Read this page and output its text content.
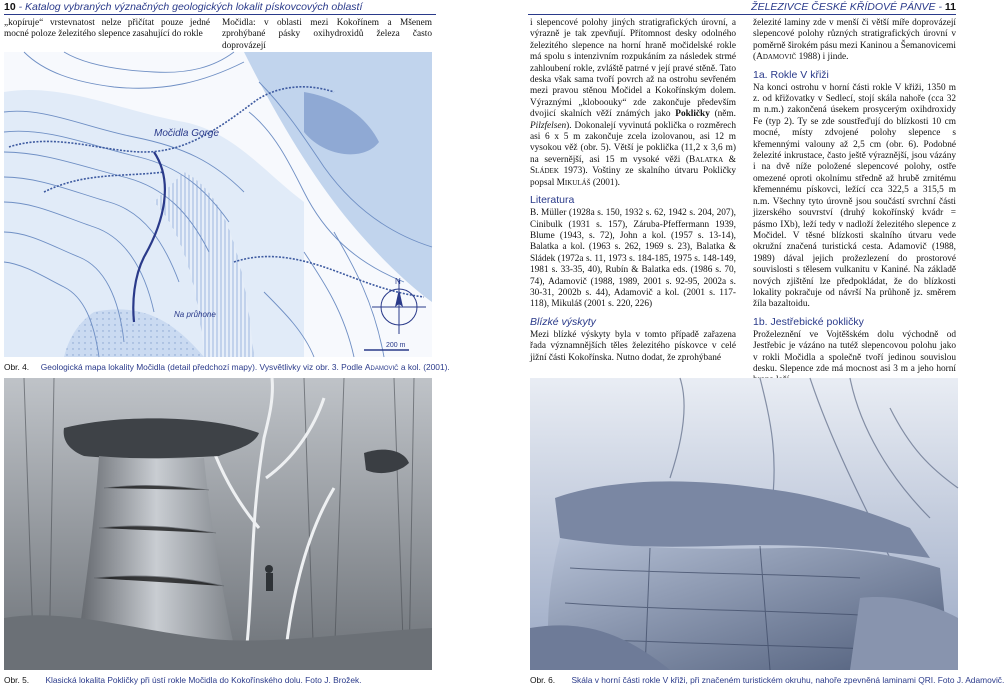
10 - Katalog vybraných význačných geologických lokalit pískovcových oblastí	ŽELEZIVCE ČESKÉ KŘÍDOVÉ PÁNVE - 11

„kopíruje“ vrstevnatost nelze přičítat pouze jedné mocné poloze železitého slepence zasahující do rokle

Močidla: v oblasti mezi Kokořínem a Mšenem zprohýbané pásky oxihydroxidů železa často doprovázejí

Močidla Gorge
Na průhone
N
200 m
Obr. 4. Geologická mapa lokality Močidla (detail předchozí mapy). Vysvětlivky viz obr. 3. Podle Adamovič a kol. (2001).

i slepencové polohy jiných stratigrafických úrovní, a výrazně je tak zpevňují. Přítomnost desky odolného železitého slepence na horní hraně močidelské rokle má spolu s intenzivním rozpukáním za následek strmé zahloubení rokle, zvláště patrné v její pravé stěně. Tato deska však sama tvoří povrch až na ostrohu sevřeném mezi pravou stěnou Močidel a Kokořínským dolem. Výraznými „kloboouky“ zde zakončuje především dvojicí skalních věží známých jako Pokličky (něm. Pilzfelsen). Dokonalejí vyvinutá poklička o rozměrech asi 6 x 5 m zakončuje zcela izolovanou, asi 12 m vysokou věž (obr. 5). Větší je poklička (11,2 x 3,6 m) na severnější, asi 15 m vysoké věži (Balatka & Sládek 1973). Voštiny ze skalního útvaru Pokličky popsal Mikuláš (2001).

Literatura

B. Müller (1928a s. 150, 1932 s. 62, 1942 s. 204, 207), Cinibulk (1931 s. 157), Záruba-Pfeffermann 1939, Blume (1943, s. 72), John a kol. (1957 s. 13-14), Balatka a kol. (1963 s. 262, 1969 s. 23), Balatka & Sládek (1972a s. 11, 1973 s. 184-185, 1975 s. 148-149, 1981 s. 33-35, 40), Rubín & Balatka eds. (1986 s. 70, 74), Adamovič (1988, 1989, 2001 s. 92-95, 2002a s. 30-31, 2002b s. 44), Adamovič a kol. (2001 s. 117-118), Mikuláš (2001 s. 220, 226)

Blízké výskyty

Mezi blízké výskyty byla v tomto případě zařazena řada významnějších těles železitého pískovce v celé jižní části Kokořínska. Nutno dodat, že zprohýbané

železité laminy zde v menší či větší míře doprovázejí slepencové polohy různých stratigrafických úrovní v poměrně širokém pásu mezi Kaninou a Šemanovicemi (Adamovič 1988) i jinde.

1a. Rokle V křiži

Na konci ostrohu v horní části rokle V křiži, 1350 m z. od křižovatky v Sedlecí, stojí skála nahoře (cca 32 m n.m.) zakončená úsekem prosycerým oxihdroxidy Fe (typ 2). Ty se zde soustřeďují do blízkosti 10 cm mocné, místy zdvojené polohy slepence s křemennými valouny až 2,5 cm (obr. 6). Podobné železité inkrustace, často ještě výraznější, jsou vázány i na dvě níže položené slepencové polohy, ostře omezené oproti okolnímu středně až hrubě zrnitému křemennému pískovci, ležící cca 322,5 a 315,5 m n.m. Všechny tyto úrovně jsou součástí svrchní části jizerského souvrství (druhý kokořínský kvádr = pásmo IXb), leží tedy v nadloží železitého slepence z Močidel. V těsné blízkosti skalního útvaru vede okružní značená turistická cesta. Adamovič (1988, 1989) dával jejich prožezlezení do prostorové souvislosti s tělesem vulkanitu v Kaniné. Na základě nových zjištění lze předpokládat, že do blízkosti lokality pokračuje od návrší Na průhoně jz. směrem žíla bazaltoidu.

1b. Jestřebické pokličky

Proželeznění ve Vojtěšském dolu východně od Jestřebic je vázáno na tutéž slepencovou polohu jako v rokli Močidla a společně tvoří jedinou souvislou desku. Slepence zde má mocnost asi 3 m a jeho horní

Obr. 5. Klasická lokalita Pokličky při ústí rokle Močidla do Kokořínského dolu. Foto J. Brožek.	Obr. 6. Skála v horní části rokle V křiži, při značeném turistickém okruhu, nahoře zpevněná laminami QRI. Foto J. Adamovič.
